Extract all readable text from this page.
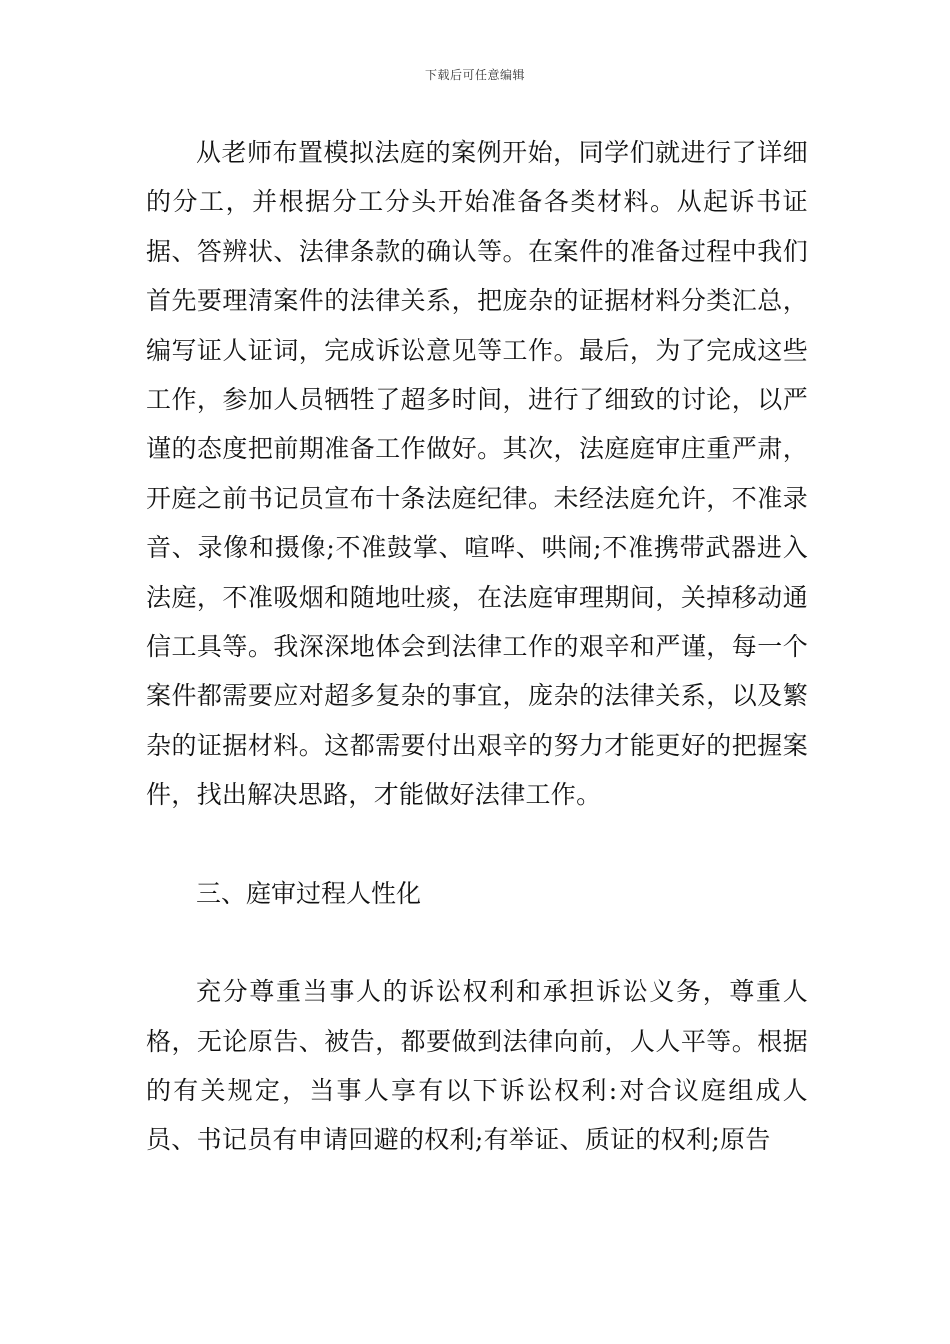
下载后可任意编辑

从老师布置模拟法庭的案例开始，同学们就进行了详细的分工，并根据分工分头开始准备各类材料。从起诉书证据、答辨状、法律条款的确认等。在案件的准备过程中我们首先要理清案件的法律关系，把庞杂的证据材料分类汇总，编写证人证词，完成诉讼意见等工作。最后，为了完成这些工作，参加人员牺牲了超多时间，进行了细致的讨论，以严谨的态度把前期准备工作做好。其次，法庭庭审庄重严肃，开庭之前书记员宣布十条法庭纪律。未经法庭允许，不准录音、录像和摄像;不准鼓掌、喧哗、哄闹;不准携带武器进入法庭，不准吸烟和随地吐痰，在法庭审理期间，关掉移动通信工具等。我深深地体会到法律工作的艰辛和严谨，每一个案件都需要应对超多复杂的事宜，庞杂的法律关系，以及繁杂的证据材料。这都需要付出艰辛的努力才能更好的把握案件，找出解决思路，才能做好法律工作。

三、庭审过程人性化

充分尊重当事人的诉讼权利和承担诉讼义务，尊重人格，无论原告、被告，都要做到法律向前，人人平等。根据的有关规定，当事人享有以下诉讼权利:对合议庭组成人员、书记员有申请回避的权利;有举证、质证的权利;原告
